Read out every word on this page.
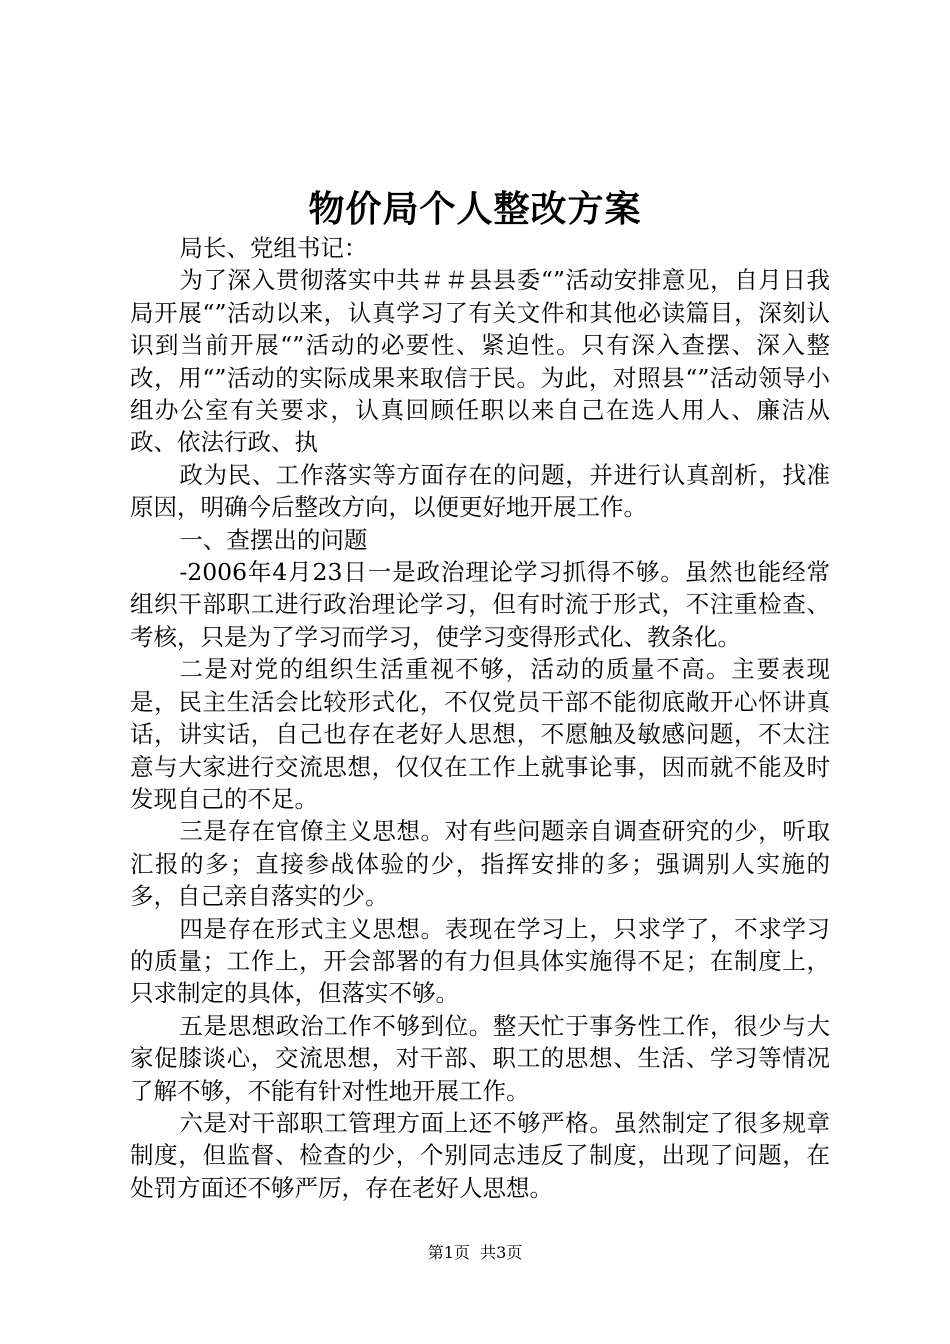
物价局个人整改方案

局长、党组书记：

为了深入贯彻落实中共＃＃县县委“”活动安排意见，自月日我局开展“”活动以来，认真学习了有关文件和其他必读篇目，深刻认识到当前开展“”活动的必要性、紧迫性。只有深入查摆、深入整改，用“”活动的实际成果来取信于民。为此，对照县“”活动领导小组办公室有关要求，认真回顾任职以来自己在选人用人、廉洁从政、依法行政、执

政为民、工作落实等方面存在的问题，并进行认真剖析，找准原因，明确今后整改方向，以便更好地开展工作。

一、查摆出的问题

-2006年4月23日一是政治理论学习抓得不够。虽然也能经常组织干部职工进行政治理论学习，但有时流于形式，不注重检查、考核，只是为了学习而学习，使学习变得形式化、教条化。

二是对党的组织生活重视不够，活动的质量不高。主要表现是，民主生活会比较形式化，不仅党员干部不能彻底敞开心怀讲真话，讲实话，自己也存在老好人思想，不愿触及敏感问题，不太注意与大家进行交流思想，仅仅在工作上就事论事，因而就不能及时发现自己的不足。

三是存在官僚主义思想。对有些问题亲自调查研究的少，听取汇报的多；直接参战体验的少，指挥安排的多；强调别人实施的多，自己亲自落实的少。

四是存在形式主义思想。表现在学习上，只求学了，不求学习的质量；工作上，开会部署的有力但具体实施得不足；在制度上，只求制定的具体，但落实不够。

五是思想政治工作不够到位。整天忙于事务性工作，很少与大家促膝谈心，交流思想，对干部、职工的思想、生活、学习等情况了解不够，不能有针对性地开展工作。

六是对干部职工管理方面上还不够严格。虽然制定了很多规章制度，但监督、检查的少，个别同志违反了制度，出现了问题，在处罚方面还不够严厉，存在老好人思想。

第1页  共3页
